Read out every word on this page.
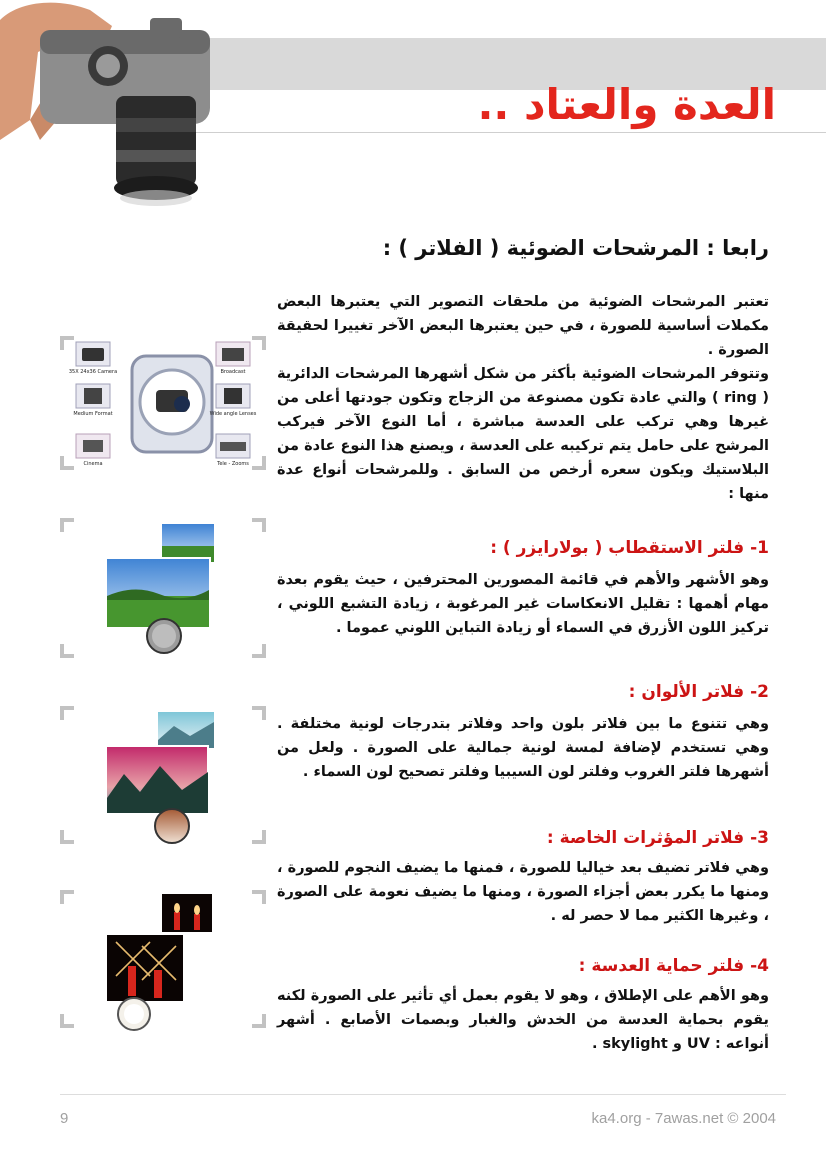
العدة والعتاد ..
رابعا : المرشحات الضوئية ( الفلاتر ) :

تعتبر المرشحات الضوئية من ملحقات التصوير التي يعتبرها البعض مكملات أساسية للصورة ، في حين يعتبرها البعض الآخر تغييرا لحقيقة الصورة .

وتتوفر المرشحات الضوئية بأكثر من شكل أشهرها المرشحات الدائرية ( ring ) والتي عادة تكون مصنوعة من الزجاج وتكون جودتها أعلى من غيرها وهي تركب على العدسة مباشرة ، أما النوع الآخر فيركب المرشح على حامل يتم تركيبه على العدسة ، ويصنع هذا النوع عادة من البلاستيك ويكون سعره أرخص من السابق . وللمرشحات أنواع عدة منها :

35X 24x36 Camera
Medium Format
Cinema
Broadcast
Wide angle Lenses
Tele - Zooms
1- فلتر الاستقطاب ( بولارايزر ) :
وهو الأشهر والأهم في قائمة المصورين المحترفين ، حيث يقوم بعدة مهام أهمها : تقليل الانعكاسات غير المرغوبة ، زيادة التشبع اللوني ، تركيز اللون الأزرق في السماء أو زيادة التباين اللوني عموما .
2- فلاتر الألوان :
وهي تتنوع ما بين فلاتر بلون واحد وفلاتر بتدرجات لونية مختلفة . وهي تستخدم لإضافة لمسة لونية جمالية على الصورة . ولعل من أشهرها فلتر الغروب وفلتر لون السيبيا وفلتر تصحيح لون السماء .
3- فلاتر المؤثرات الخاصة :
وهي فلاتر تضيف بعد خياليا للصورة ، فمنها ما يضيف النجوم للصورة ، ومنها ما يكرر بعض أجزاء الصورة ، ومنها ما يضيف نعومة على الصورة ، وغيرها الكثير مما لا حصر له .
4- فلتر حماية العدسة :
وهو الأهم على الإطلاق ، وهو لا يقوم بعمل أي تأثير على الصورة لكنه يقوم بحماية العدسة من الخدش والغبار وبصمات الأصابع . أشهر أنواعه : UV و skylight .
9	ka4.org - 7awas.net © 2004
